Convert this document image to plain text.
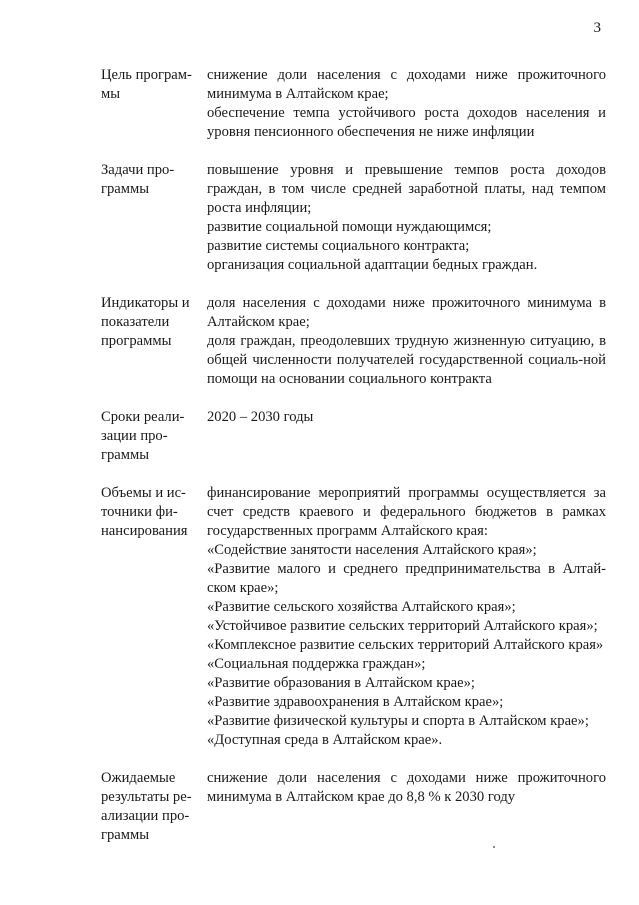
3

Цель програм-

мы

снижение доли населения с доходами ниже прожиточного минимума в Алтайском крае;

обеспечение темпа устойчивого роста доходов населения и уровня пенсионного обеспечения не ниже инфляции

Задачи про-

граммы

повышение уровня и превышение темпов роста доходов граждан, в том числе средней заработной платы, над темпом роста инфляции;

развитие социальной помощи нуждающимся;

развитие системы социального контракта;

организация социальной адаптации бедных граждан.

Индикаторы и

показатели

программы

доля населения с доходами ниже прожиточного минимума в Алтайском крае;

доля граждан, преодолевших трудную жизненную ситуацию, в общей численности получателей государственной социаль-ной помощи на основании социального контракта

Сроки реали-

зации про-

граммы

2020 – 2030 годы

Объемы и ис-

точники фи-

нансирования

финансирование мероприятий программы осуществляется за счет средств краевого и федерального бюджетов в рамках государственных программ Алтайского края:

«Содействие занятости населения Алтайского края»;

«Развитие малого и среднего предпринимательства в Алтай-ском крае»;

«Развитие сельского хозяйства Алтайского края»;

«Устойчивое развитие сельских территорий Алтайского края»;

«Комплексное развитие сельских территорий Алтайского края»

«Социальная поддержка граждан»;

«Развитие образования в Алтайском крае»;

«Развитие здравоохранения в Алтайском крае»;

«Развитие физической культуры и спорта в Алтайском крае»;

«Доступная среда в Алтайском крае».

Ожидаемые

результаты ре-

ализации про-

граммы

снижение доли населения с доходами ниже прожиточного минимума в Алтайском крае до 8,8 % к 2030 году
